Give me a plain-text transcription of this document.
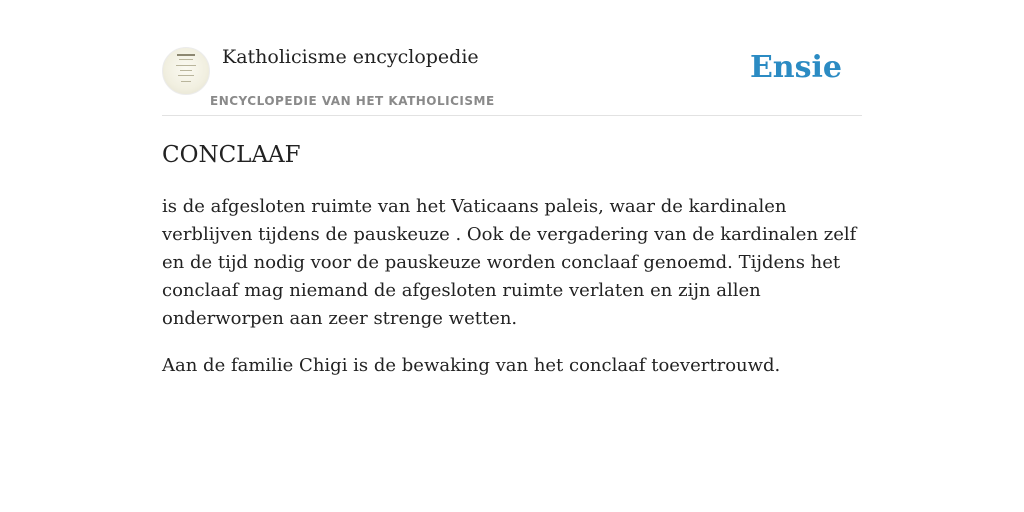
Katholicisme encyclopedie
ENCYCLOPEDIE VAN HET KATHOLICISME
Ensie
CONCLAAF

is de afgesloten ruimte van het Vaticaans paleis, waar de kardinalen verblijven tijdens de pauskeuze . Ook de vergadering van de kardinalen zelf en de tijd nodig voor de pauskeuze worden conclaaf genoemd. Tijdens het conclaaf mag niemand de afgesloten ruimte verlaten en zijn allen onderworpen aan zeer strenge wetten.

Aan de familie Chigi is de bewaking van het conclaaf toevertrouwd.
